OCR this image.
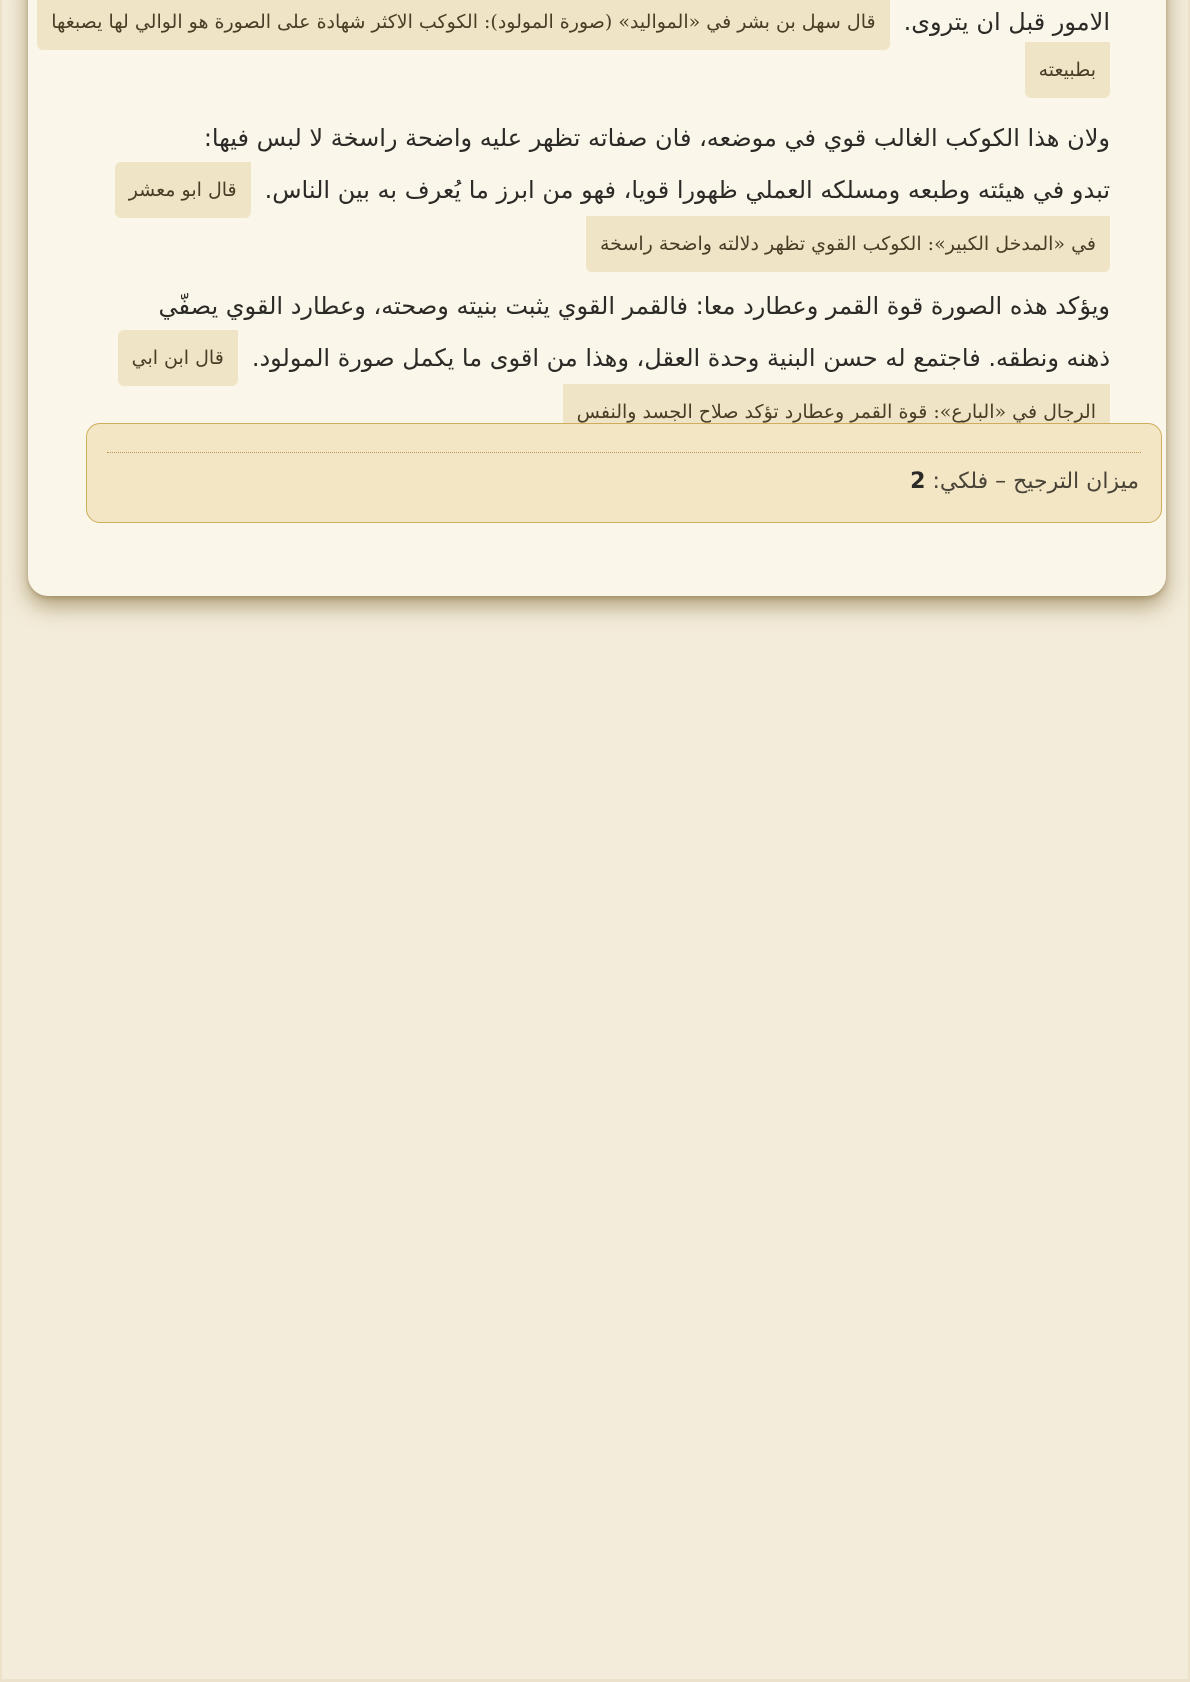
الامور قبل ان يتروى.قال سهل بن بشر في «المواليد» (صورة المولود): الكوكب الاكثر شهادة على الصورة هو الوالي لها يصبغها
بطبيعته
ولان هذا الكوكب الغالب قوي في موضعه، فان صفاته تظهر عليه واضحة راسخة لا لبس فيها:
تبدو في هيئته وطبعه ومسلكه العملي ظهورا قويا، فهو من ابرز ما يُعرف به بين الناس.قال ابو معشر
في «المدخل الكبير»: الكوكب القوي تظهر دلالته واضحة راسخة
ويؤكد هذه الصورة قوة القمر وعطارد معا: فالقمر القوي يثبت بنيته وصحته، وعطارد القوي يصفّي
ذهنه ونطقه. فاجتمع له حسن البنية وحدة العقل، وهذا من اقوى ما يكمل صورة المولود.قال ابن ابي
الرجال في «البارع»: قوة القمر وعطارد تؤكد صلاح الجسد والنفس
ميزان الترجيح – فلكي: 2
